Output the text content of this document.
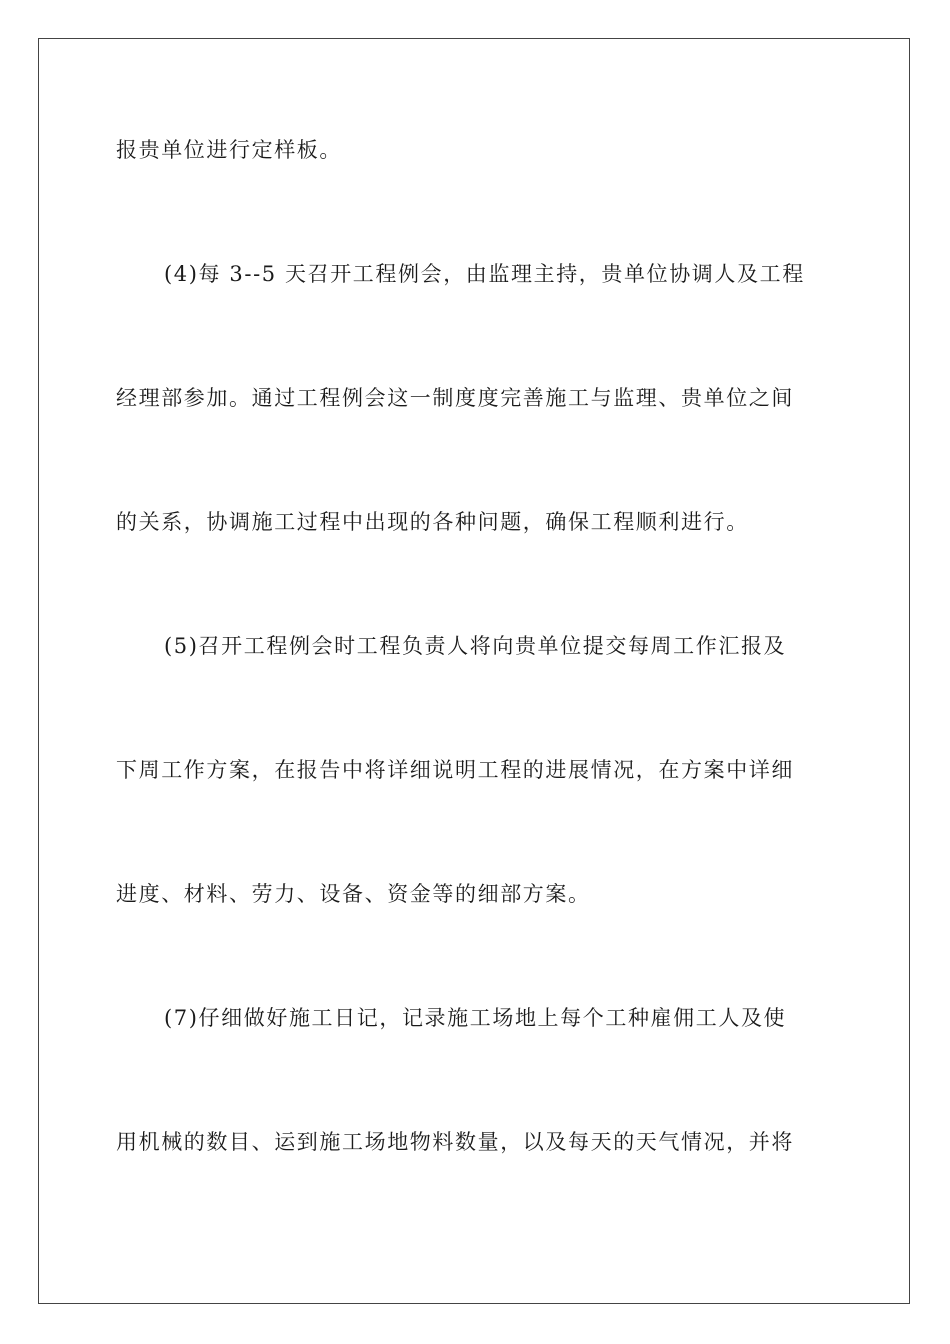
报贵单位进行定样板。
(4)每 3--5 天召开工程例会，由监理主持，贵单位协调人及工程
经理部参加。通过工程例会这一制度度完善施工与监理、贵单位之间
的关系，协调施工过程中出现的各种问题，确保工程顺利进行。
(5)召开工程例会时工程负责人将向贵单位提交每周工作汇报及
下周工作方案，在报告中将详细说明工程的进展情况，在方案中详细
进度、材料、劳力、设备、资金等的细部方案。
(7)仔细做好施工日记，记录施工场地上每个工种雇佣工人及使
用机械的数目、运到施工场地物料数量，以及每天的天气情况，并将
